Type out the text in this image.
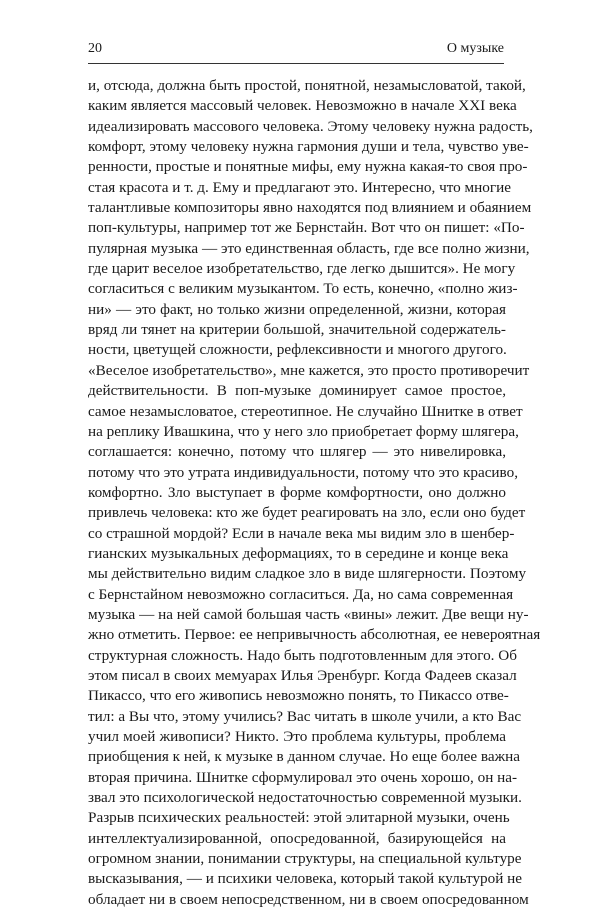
20	О музыке
и, отсюда, должна быть простой, понятной, незамысловатой, такой,
каким является массовый человек. Невозможно в начале XXI века
идеализировать массового человека. Этому человеку нужна радость,
комфорт, этому человеку нужна гармония души и тела, чувство уве-
ренности, простые и понятные мифы, ему нужна какая-то своя про-
стая красота и т. д. Ему и предлагают это. Интересно, что многие
талантливые композиторы явно находятся под влиянием и обаянием
поп-культуры, например тот же Бернстайн. Вот что он пишет: «По-
пулярная музыка — это единственная область, где все полно жизни,
где царит веселое изобретательство, где легко дышится». Не могу
согласиться с великим музыкантом. То есть, конечно, «полно жиз-
ни» — это факт, но только жизни определенной, жизни, которая
вряд ли тянет на критерии большой, значительной содержатель-
ности, цветущей сложности, рефлексивности и многого другого.
«Веселое изобретательство», мне кажется, это просто противоречит
действительности. В поп-музыке доминирует самое простое,
самое незамысловатое, стереотипное. Не случайно Шнитке в ответ
на реплику Ивашкина, что у него зло приобретает форму шлягера,
соглашается: конечно, потому что шлягер — это нивелировка,
потому что это утрата индивидуальности, потому что это красиво,
комфортно. Зло выступает в форме комфортности, оно должно
привлечь человека: кто же будет реагировать на зло, если оно будет
со страшной мордой? Если в начале века мы видим зло в шенбер-
гианских музыкальных деформациях, то в середине и конце века
мы действительно видим сладкое зло в виде шлягерности. Поэтому
с Бернстайном невозможно согласиться. Да, но сама современная
музыка — на ней самой большая часть «вины» лежит. Две вещи ну-
жно отметить. Первое: ее непривычность абсолютная, ее невероятная
структурная сложность. Надо быть подготовленным для этого. Об
этом писал в своих мемуарах Илья Эренбург. Когда Фадеев сказал
Пикассо, что его живопись невозможно понять, то Пикассо отве-
тил: а Вы что, этому учились? Вас читать в школе учили, а кто Вас
учил моей живописи? Никто. Это проблема культуры, проблема
приобщения к ней, к музыке в данном случае. Но еще более важна
вторая причина. Шнитке сформулировал это очень хорошо, он на-
звал это психологической недостаточностью современной музыки.
Разрыв психических реальностей: этой элитарной музыки, очень
интеллектуализированной, опосредованной, базирующейся на
огромном знании, понимании структуры, на специальной культуре
высказывания, — и психики человека, который такой культурой не
обладает ни в своем непосредственном, ни в своем опосредованном
